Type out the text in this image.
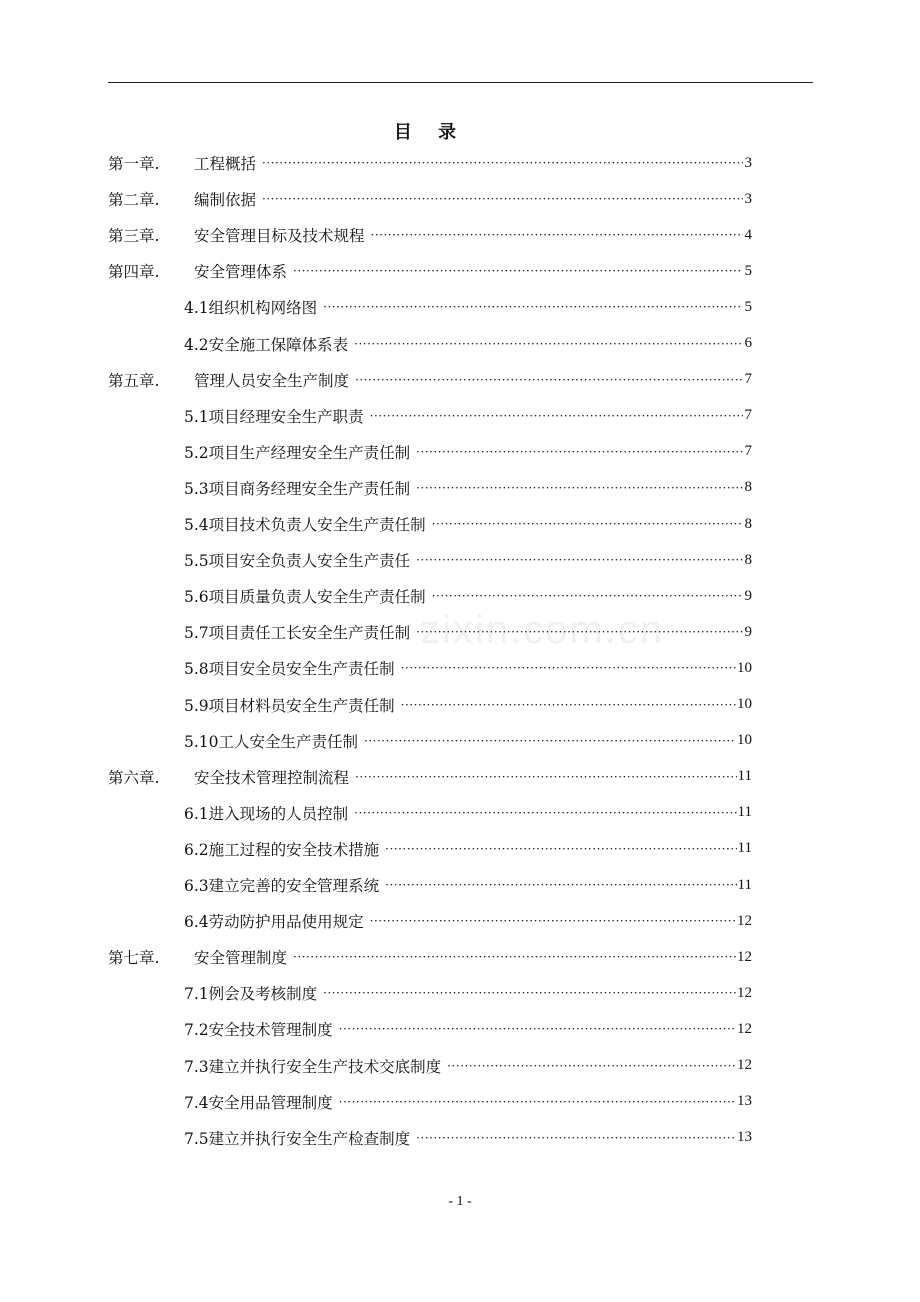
目 录
第一章. 工程概括 ·····	3
第二章. 编制依据 ·····	3
第三章. 安全管理目标及技术规程 ·····	4
第四章. 安全管理体系 ·····	5
4.1组织机构网络图 ·····	5
4.2安全施工保障体系表 ·····	6
第五章. 管理人员安全生产制度 ·····	7
5.1项目经理安全生产职责 ·····	7
5.2项目生产经理安全生产责任制 ·····	7
5.3项目商务经理安全生产责任制 ·····	8
5.4项目技术负责人安全生产责任制 ·····	8
5.5项目安全负责人安全生产责任 ·····	8
5.6项目质量负责人安全生产责任制 ·····	9
5.7项目责任工长安全生产责任制 ·····	9
5.8项目安全员安全生产责任制 ·····	10
5.9项目材料员安全生产责任制 ·····	10
5.10工人安全生产责任制 ·····	10
第六章. 安全技术管理控制流程 ·····	11
6.1进入现场的人员控制 ·····	11
6.2施工过程的安全技术措施 ·····	11
6.3建立完善的安全管理系统 ·····	11
6.4劳动防护用品使用规定 ·····	12
第七章. 安全管理制度 ·····	12
7.1例会及考核制度 ·····	12
7.2安全技术管理制度 ·····	12
7.3建立并执行安全生产技术交底制度 ·····	12
7.4安全用品管理制度 ·····	13
7.5建立并执行安全生产检查制度 ·····	13
zixin.com.cn
- 1 -
